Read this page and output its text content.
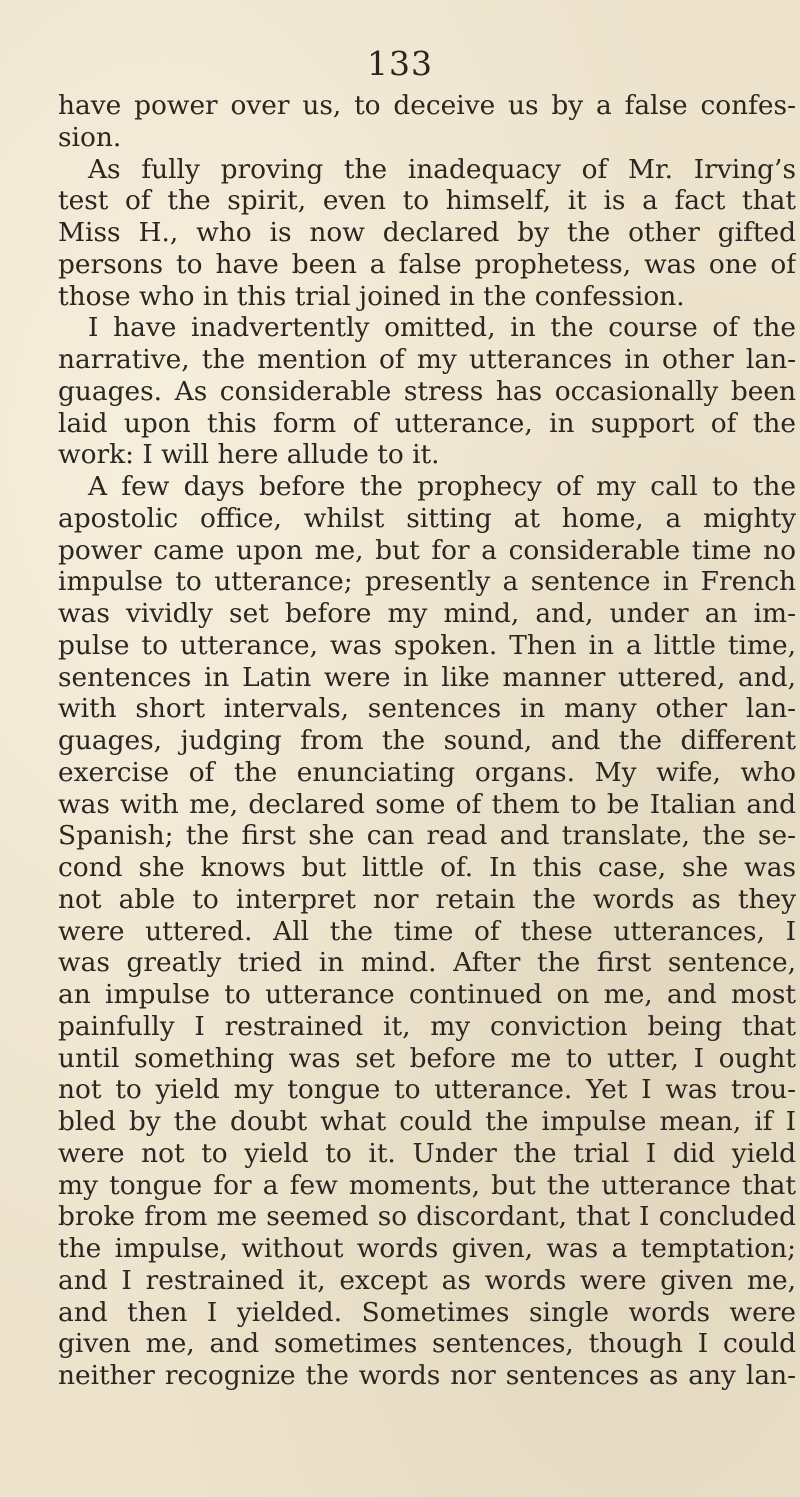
133
have power over us, to deceive us by a false confes-
sion.
As fully proving the inadequacy of Mr. Irving’s
test of the spirit, even to himself, it is a fact that
Miss H., who is now declared by the other gifted
persons to have been a false prophetess, was one of
those who in this trial joined in the confession.
I have inadvertently omitted, in the course of the
narrative, the mention of my utterances in other lan-
guages. As considerable stress has occasionally been
laid upon this form of utterance, in support of the
work: I will here allude to it.
A few days before the prophecy of my call to the
apostolic office, whilst sitting at home, a mighty
power came upon me, but for a considerable time no
impulse to utterance; presently a sentence in French
was vividly set before my mind, and, under an im-
pulse to utterance, was spoken. Then in a little time,
sentences in Latin were in like manner uttered, and,
with short intervals, sentences in many other lan-
guages, judging from the sound, and the different
exercise of the enunciating organs. My wife, who
was with me, declared some of them to be Italian and
Spanish; the first she can read and translate, the se-
cond she knows but little of. In this case, she was
not able to interpret nor retain the words as they
were uttered. All the time of these utterances, I
was greatly tried in mind. After the first sentence,
an impulse to utterance continued on me, and most
painfully I restrained it, my conviction being that
until something was set before me to utter, I ought
not to yield my tongue to utterance. Yet I was trou-
bled by the doubt what could the impulse mean, if I
were not to yield to it. Under the trial I did yield
my tongue for a few moments, but the utterance that
broke from me seemed so discordant, that I concluded
the impulse, without words given, was a temptation;
and I restrained it, except as words were given me,
and then I yielded. Sometimes single words were
given me, and sometimes sentences, though I could
neither recognize the words nor sentences as any lan-
